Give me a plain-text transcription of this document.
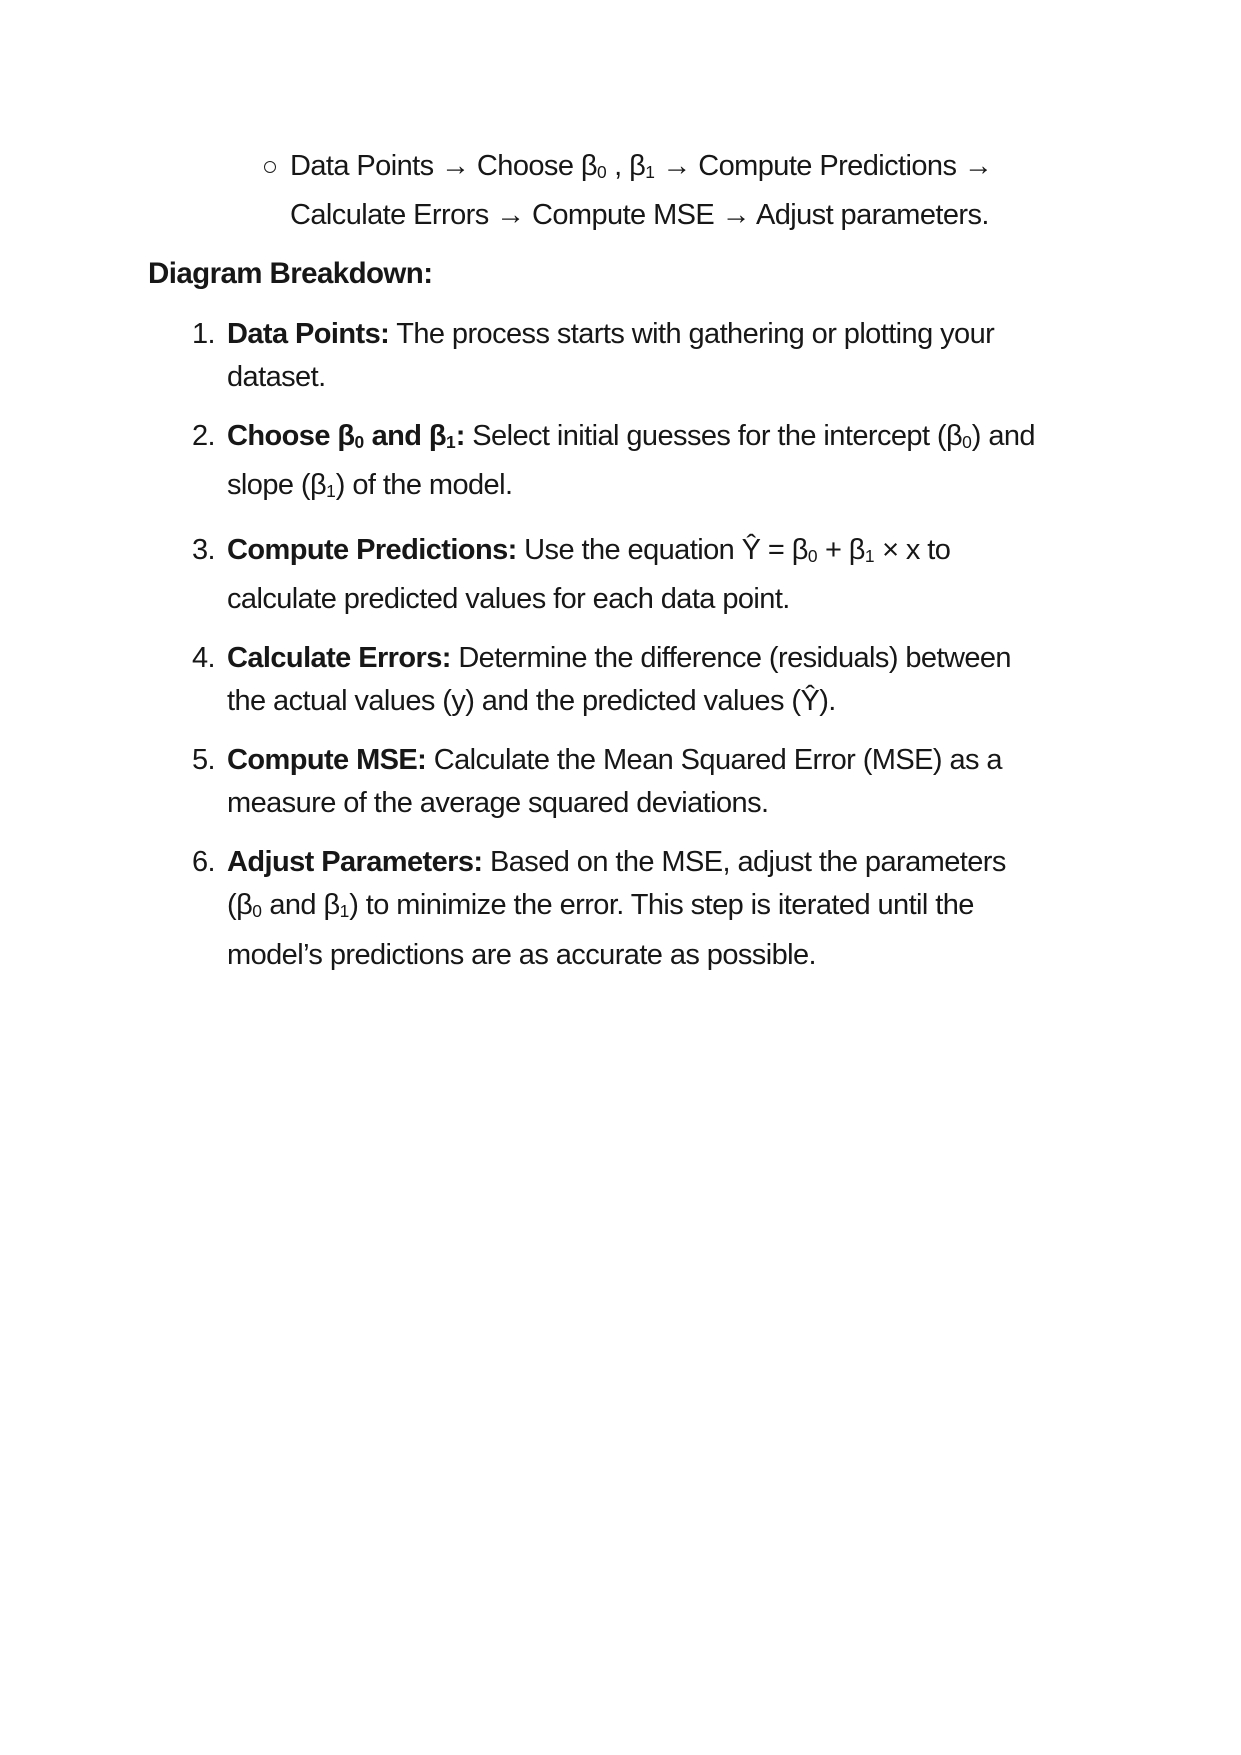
Data Points → Choose β0 , β1 → Compute Predictions → Calculate Errors → Compute MSE → Adjust parameters.

Diagram Breakdown:
1. Data Points: The process starts with gathering or plotting your dataset.
2. Choose β0 and β1: Select initial guesses for the intercept (β0) and slope (β1) of the model.
3. Compute Predictions: Use the equation Ŷ = β0 + β1 × x to calculate predicted values for each data point.
4. Calculate Errors: Determine the difference (residuals) between the actual values (y) and the predicted values (Ŷ).
5. Compute MSE: Calculate the Mean Squared Error (MSE) as a measure of the average squared deviations.
6. Adjust Parameters: Based on the MSE, adjust the parameters (β0 and β1) to minimize the error. This step is iterated until the model’s predictions are as accurate as possible.
